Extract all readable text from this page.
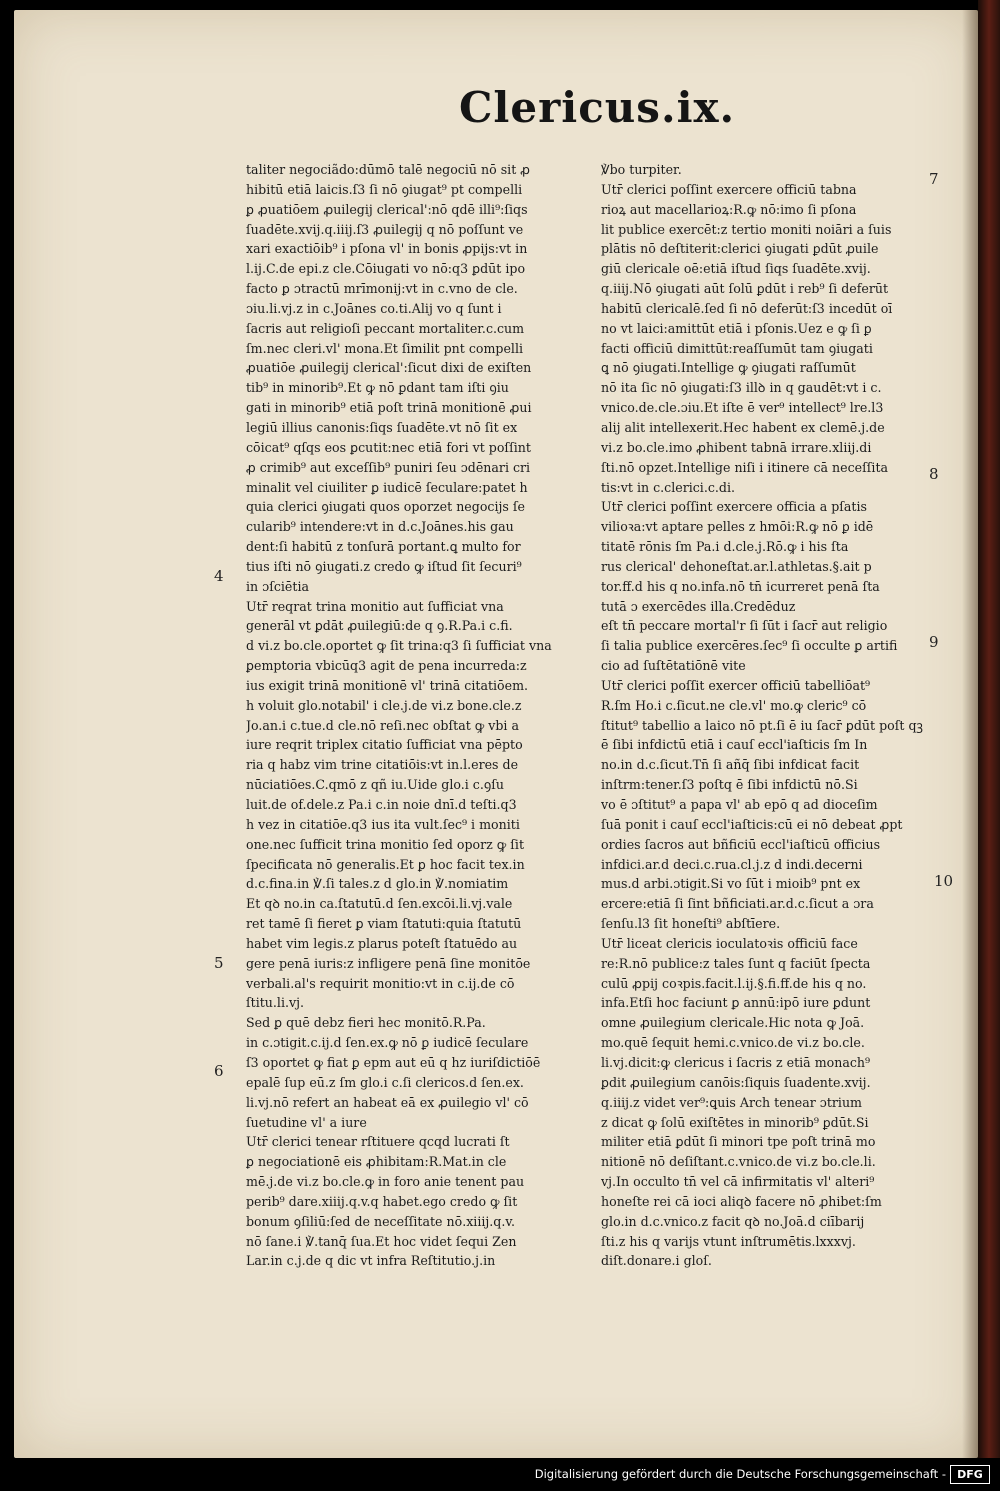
Clericus.ix.
taliter negociãdo:dūmō talē negociū nō sit ꝓ
hibitū etiā laicis.ſ3 ſi nō ꝯiugat⁹ pt compelli
ꝑ ꝓuatiōem ꝓuilegij clerical':nō qdē illi⁹:ſiqs
ſuadēte.xvij.q.iiij.ſ3 ꝓuilegij q nō poſſunt ve
xari exactiōib⁹ i pſona vl' in bonis ꝓpijs:vt in
l.ij.C.de epi.z cle.Cōiugati vo nō:q3 ꝑdūt ipo
facto ꝑ ɔtractū mrīmonij:vt in c.vno de cle.
ɔiu.li.vj.z in c.Joānes co.ti.Alij vo q ſunt i
ſacris aut religioſi peccant mortaliter.c.cum
ſm.nec cleri.vl' mona.Et ſimilit pnt compelli
ꝓuatiōe ꝓuilegij clerical':ſicut dixi de exiſten
tib⁹ in minorib⁹.Et ꝙ nō ꝑdant tam iſti ꝯiu
gati in minorib⁹ etiā poſt trinā monitionē ꝓui
legiū illius canonis:ſiqs ſuadēte.vt nō ſit ex
cōicat⁹ qſqs eos ꝑcutit:nec etiā fori vt poſſint
ꝓ crimib⁹ aut exceſſib⁹ puniri ſeu ɔdēnari cri
minalit vel ciuiliter ꝑ iudicē ſeculare:patet h
quia clerici ꝯiugati quos oporzet negocijs ſe
cularib⁹ intendere:vt in d.c.Joānes.his gau
dent:ſi habitū z tonſurā portant.ꝗ multo for
tius iſti nō ꝯiugati.z credo ꝙ iſtud ſit ſecuri⁹
in ɔſciētia
Utr̄ reqrat trina monitio aut ſufficiat vna
generāl vt ꝑdāt ꝓuilegiū:de q ꝯ.R.Pa.i c.fi.
d vi.z bo.cle.oportet ꝙ ſit trina:q3 ſi ſufficiat vna
ꝑemptoria vbicūq3 agit de pena incurreda:z
ius exigit trinā monitionē vl' trinā citatiōem.
h voluit glo.notabil' i cle.j.de vi.z bone.cle.z
Jo.an.i c.tue.d cle.nō reſi.nec obſtat ꝙ vbi a
iure reqrit triplex citatio ſufficiat vna pēpto
ria q habz vim trine citatiōis:vt in.l.eres de
nūciatiōes.C.qmō z qñ iu.Uide glo.i c.ꝯſu
luit.de of.dele.z Pa.i c.in noie dnī.d teſti.q3
h vez in citatiōe.q3 ius ita vult.ſec⁹ i moniti
one.nec ſufficit trina monitio ſed oporz ꝙ ſit
ſpecificata nō generalis.Et ꝑ hoc facit tex.in
d.c.fina.in ℣.ſi tales.z d glo.in ℣.nomiatim
Et qꝺ no.in ca.ſtatutū.d ſen.excōi.li.vj.vale
ret tamē ſi fieret ꝑ viam ſtatuti:quia ſtatutū
habet vim legis.z plarus poteſt ſtatuēdo au
gere penā iuris:z infligere penā ſine monitōe
verbali.al's requirit monitio:vt in c.ij.de cō
ſtitu.li.vj.
Sed ꝑ quē debz fieri hec monitō.R.Pa.
in c.ɔtigit.c.ij.d ſen.ex.ꝙ nō ꝑ iudicē ſeculare
ſ3 oportet ꝙ fiat ꝑ epm aut eū q hz iuriſdictiōē
epalē ſup eū.z ſm glo.i c.ſi clericos.d ſen.ex.
li.vj.nō refert an habeat eā ex ꝓuilegio vl' cō
ſuetudine vl' a iure
Utr̄ clerici tenear rſtituere qcqd lucrati ſt
ꝑ negociationē eis ꝓhibitam:R.Mat.in cle
mē.j.de vi.z bo.cle.ꝙ in foro anie tenent pau
perib⁹ dare.xiiij.q.v.q habet.ego credo ꝙ ſit
bonum ꝯſiliū:ſed de neceſſitate nō.xiiij.q.v.
nō ſane.i ℣.tanq̄ ſua.Et hoc videt ſequi Zen
Lar.in c.j.de q dic vt infra Reſtitutio.j.in
℣bo turpiter.
Utr̄ clerici poſſint exercere officiū tabna
rioꝝ aut macellarioꝝ:R.ꝙ nō:imo ſi pſona
lit publice exercēt:z tertio moniti noiāri a ſuis
plātis nō deſtiterit:clerici ꝯiugati ꝑdūt ꝓuile
giū clericale oē:etiā iſtud ſiqs ſuadēte.xvij.
q.iiij.Nō ꝯiugati aūt ſolū ꝑdūt i reb⁹ ſi deferūt
habitū clericalē.ſed ſi nō deferūt:ſ3 incedūt oī
no vt laici:amittūt etiā i pſonis.Uez e ꝙ ſi ꝑ
facti officiū dimittūt:reaſſumūt tam ꝯiugati
ꝗ nō ꝯiugati.Intellige ꝙ ꝯiugati raſſumūt
nō ita ſic nō ꝯiugati:ſ3 illꝺ in q gaudēt:vt i c.
vnico.de.cle.ɔiu.Et iſte ē ver⁹ intellect⁹ lre.l3
alij alit intellexerit.Hec habent ex clemē.j.de
vi.z bo.cle.imo ꝓhibent tabnā irrare.xliij.di
ſti.nō opzet.Intellige niſi i itinere cā neceſſita
tis:vt in c.clerici.c.di.
Utr̄ clerici poſſint exercere officia a pſatis
vilioꝛa:vt aptare pelles z hmōi:R.ꝙ nō ꝑ idē
titatē rōnis ſm Pa.i d.cle.j.Rō.ꝙ i his ſta
rus clerical' dehoneſtat.ar.l.athletas.§.ait p
tor.ff.d his q no.infa.nō tn̄ icurreret penā ſta
tutā ɔ exercēdes illa.Credēduz
eſt tn̄ peccare mortal'r ſi ſūt i ſacr̄ aut religio
ſi talia publice exercēres.ſec⁹ ſi occulte ꝑ artifi
cio ad ſuſtētatiōnē vite
Utr̄ clerici poſſit exercer officiū tabelliōat⁹
R.ſm Ho.i c.ſicut.ne cle.vl' mo.ꝙ cleric⁹ cō
ſtitut⁹ tabellio a laico nō pt.ſi ē iu ſacr̄ ꝑdūt poſt qꝫ
ē ſibi infdictū etiā i cauſ eccl'iaſticis ſm In
no.in d.c.ſicut.Tn̄ ſi añq̄ ſibi infdicat facit
inſtrm:tener.ſ3 poſtq ē ſibi infdictū nō.Si
vo ē ɔſtitut⁹ a papa vl' ab epō q ad dioceſim
ſuā ponit i cauſ eccl'iaſticis:cū ei nō debeat ꝓpt
ordies ſacros aut bñficiū eccl'iaſticū officius
infdici.ar.d deci.c.rua.cl.j.z d indi.decerni
mus.d arbi.ɔtigit.Si vo ſūt i mioib⁹ pnt ex
ercere:etiā ſi ſint bñficiati.ar.d.c.ſicut a ɔra
ſenſu.l3 ſit honeſti⁹ abſtīere.
Utr̄ liceat clericis ioculatoꝛis officiū face
re:R.nō publice:z tales ſunt q faciūt ſpecta
culū ꝓpij coꝛpis.facit.l.ij.§.fi.ff.de his q no.
infa.Etſi hoc faciunt ꝑ annū:ipō iure ꝑdunt
omne ꝓuilegium clericale.Hic nota ꝙ Joā.
mo.quē ſequit hemi.c.vnico.de vi.z bo.cle.
li.vj.dicit:ꝙ clericus i ſacris z etiā monach⁹
ꝑdit ꝓuilegium canōis:ſiquis ſuadente.xvij.
q.iiij.z videt ver⁹:ꝗuis Arch tenear ɔtrium
z dicat ꝙ ſolū exiſtētes in minorib⁹ ꝑdūt.Si
militer etiā ꝑdūt ſi minori tpe poſt trinā mo
nitionē nō deſiſtant.c.vnico.de vi.z bo.cle.li.
vj.In occulto tn̄ vel cā infirmitatis vl' alteri⁹
honeſte rei cā ioci aliqꝺ facere nō ꝓhibet:ſm
glo.in d.c.vnico.z facit qꝺ no.Joā.d ciībarij
ſti.z his q varijs vtunt inſtrumētis.lxxxvj.
diſt.donare.i gloſ.
7
8
9
10
4
5
6
Digitalisierung gefördert durch die Deutsche Forschungsgemeinschaft -	DFG
